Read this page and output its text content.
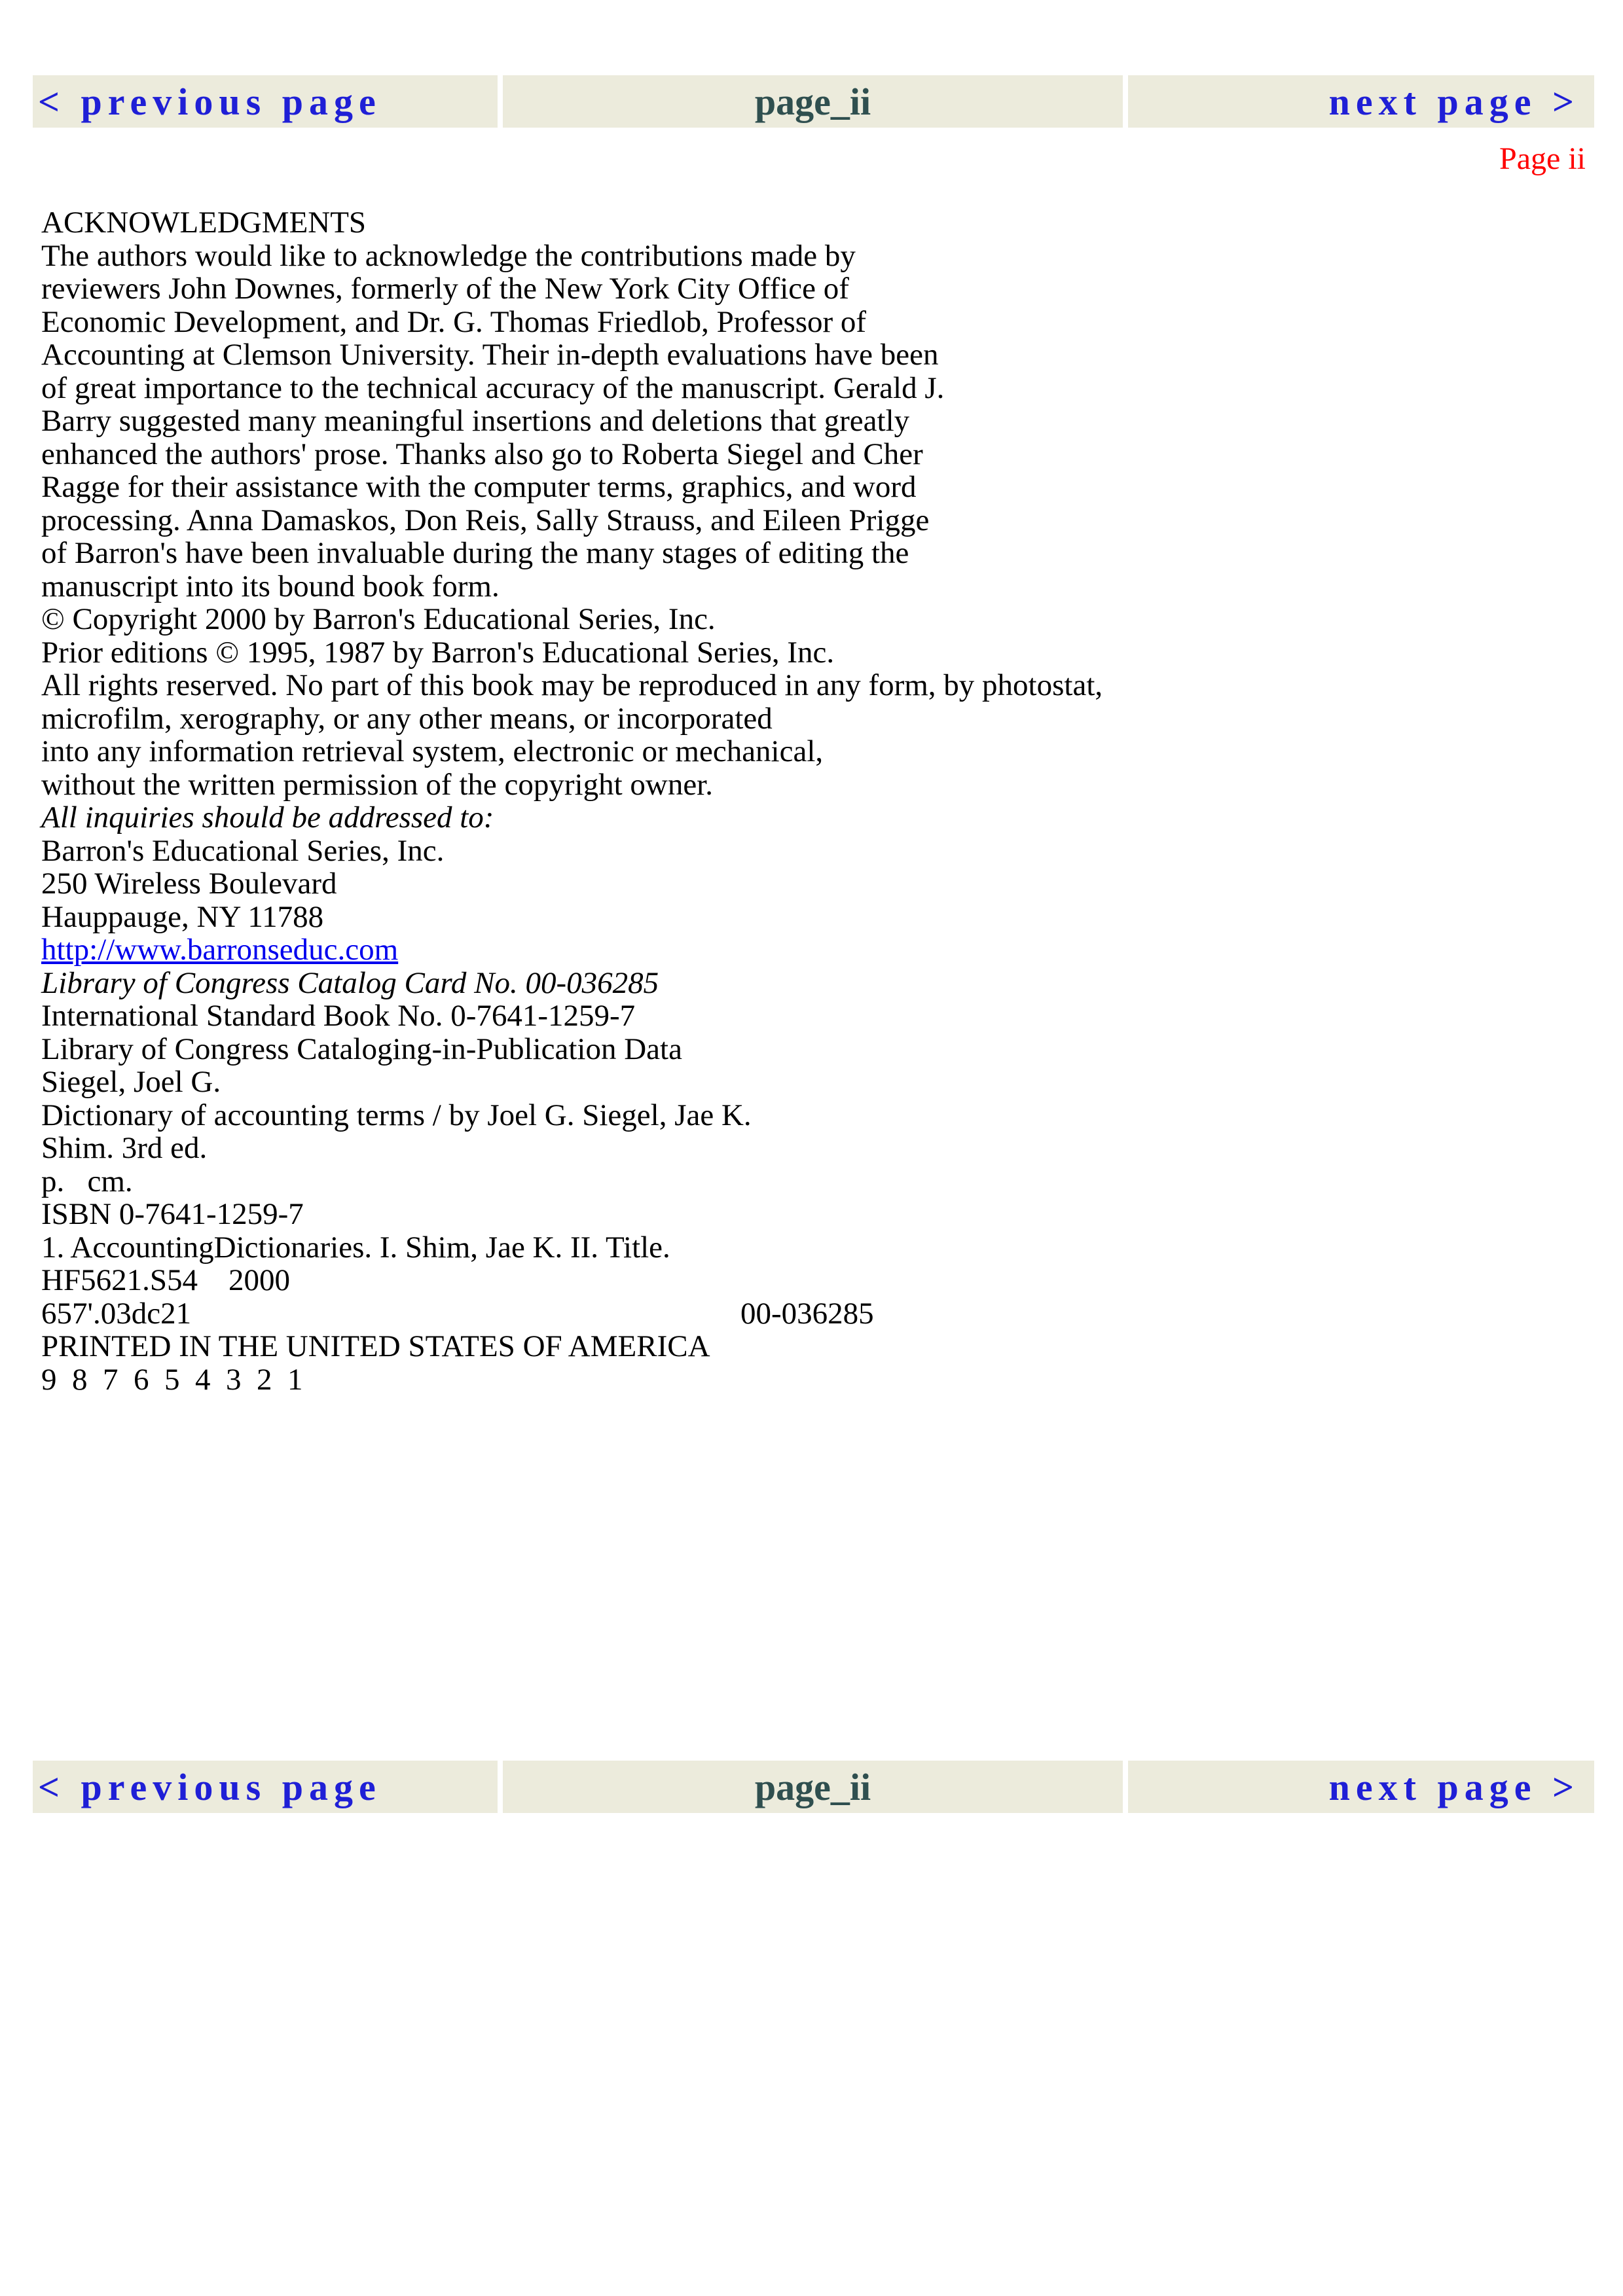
< previous page	page_ii	next page >
Page ii

ACKNOWLEDGMENTS

The authors would like to acknowledge the contributions made by
reviewers John Downes, formerly of the New York City Office of
Economic Development, and Dr. G. Thomas Friedlob, Professor of
Accounting at Clemson University. Their in-depth evaluations have been
of great importance to the technical accuracy of the manuscript. Gerald J.
Barry suggested many meaningful insertions and deletions that greatly
enhanced the authors' prose. Thanks also go to Roberta Siegel and Cher
Ragge for their assistance with the computer terms, graphics, and word
processing. Anna Damaskos, Don Reis, Sally Strauss, and Eileen Prigge
of Barron's have been invaluable during the many stages of editing the
manuscript into its bound book form.

© Copyright 2000 by Barron's Educational Series, Inc.
Prior editions © 1995, 1987 by Barron's Educational Series, Inc.

All rights reserved. No part of this book may be reproduced in any form, by photostat,
microfilm, xerography, or any other means, or incorporated
into any information retrieval system, electronic or mechanical,
without the written permission of the copyright owner.

All inquiries should be addressed to:
Barron's Educational Series, Inc.
250 Wireless Boulevard
Hauppauge, NY 11788
http://www.barronseduc.com

Library of Congress Catalog Card No. 00-036285

International Standard Book No. 0-7641-1259-7

Library of Congress Cataloging-in-Publication Data

Siegel, Joel G.
Dictionary of accounting terms / by Joel G. Siegel, Jae K.
Shim. 3rd ed.
p.   cm.
ISBN 0-7641-1259-7
1. AccountingDictionaries. I. Shim, Jae K. II. Title.
HF5621.S54    2000
657'.03dc21	00-036285

PRINTED IN THE UNITED STATES OF AMERICA
9  8  7  6  5  4  3  2  1

< previous page	page_ii	next page >
